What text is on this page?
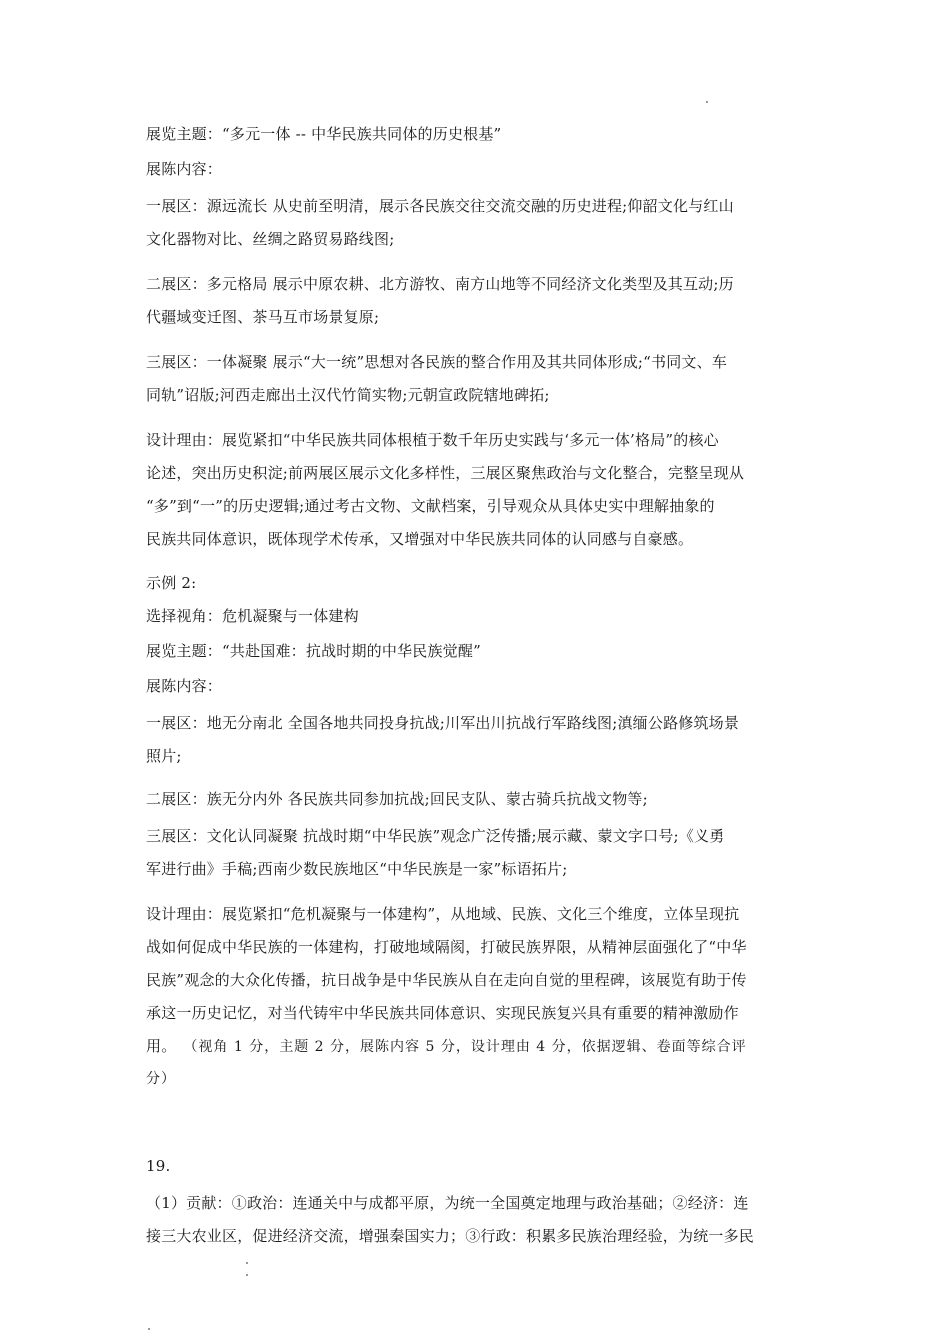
展览主题：“多元一体 -- 中华民族共同体的历史根基”
展陈内容：
一展区：源远流长 从史前至明清，展示各民族交往交流交融的历史进程;仰韶文化与红山
文化器物对比、丝绸之路贸易路线图;
二展区：多元格局 展示中原农耕、北方游牧、南方山地等不同经济文化类型及其互动;历
代疆域变迁图、茶马互市场景复原;
三展区：一体凝聚 展示“大一统”思想对各民族的整合作用及其共同体形成;“书同文、车
同轨”诏版;河西走廊出土汉代竹简实物;元朝宣政院辖地碑拓;
设计理由：展览紧扣“中华民族共同体根植于数千年历史实践与‘多元一体’格局”的核心
论述，突出历史积淀;前两展区展示文化多样性，三展区聚焦政治与文化整合，完整呈现从
“多”到“一”的历史逻辑;通过考古文物、文献档案，引导观众从具体史实中理解抽象的
民族共同体意识，既体现学术传承，又增强对中华民族共同体的认同感与自豪感。
示例 2:
选择视角：危机凝聚与一体建构
展览主题：“共赴国难：抗战时期的中华民族觉醒”
展陈内容：
一展区：地无分南北 全国各地共同投身抗战;川军出川抗战行军路线图;滇缅公路修筑场景
照片;
二展区：族无分内外 各民族共同参加抗战;回民支队、蒙古骑兵抗战文物等;
三展区：文化认同凝聚 抗战时期“中华民族”观念广泛传播;展示藏、蒙文字口号;《义勇
军进行曲》手稿;西南少数民族地区“中华民族是一家”标语拓片;
设计理由：展览紧扣“危机凝聚与一体建构”，从地域、民族、文化三个维度，立体呈现抗
战如何促成中华民族的一体建构，打破地域隔阂，打破民族界限，从精神层面强化了“中华
民族”观念的大众化传播，抗日战争是中华民族从自在走向自觉的里程碑，该展览有助于传
承这一历史记忆，对当代铸牢中华民族共同体意识、实现民族复兴具有重要的精神激励作
用。 （视角 1 分，主题 2 分，展陈内容 5 分，设计理由 4 分，依据逻辑、卷面等综合评
分）
19.
（1）贡献：①政治：连通关中与成都平原，为统一全国奠定地理与政治基础；②经济：连
接三大农业区，促进经济交流，增强秦国实力；③行政：积累多民族治理经验，为统一多民
